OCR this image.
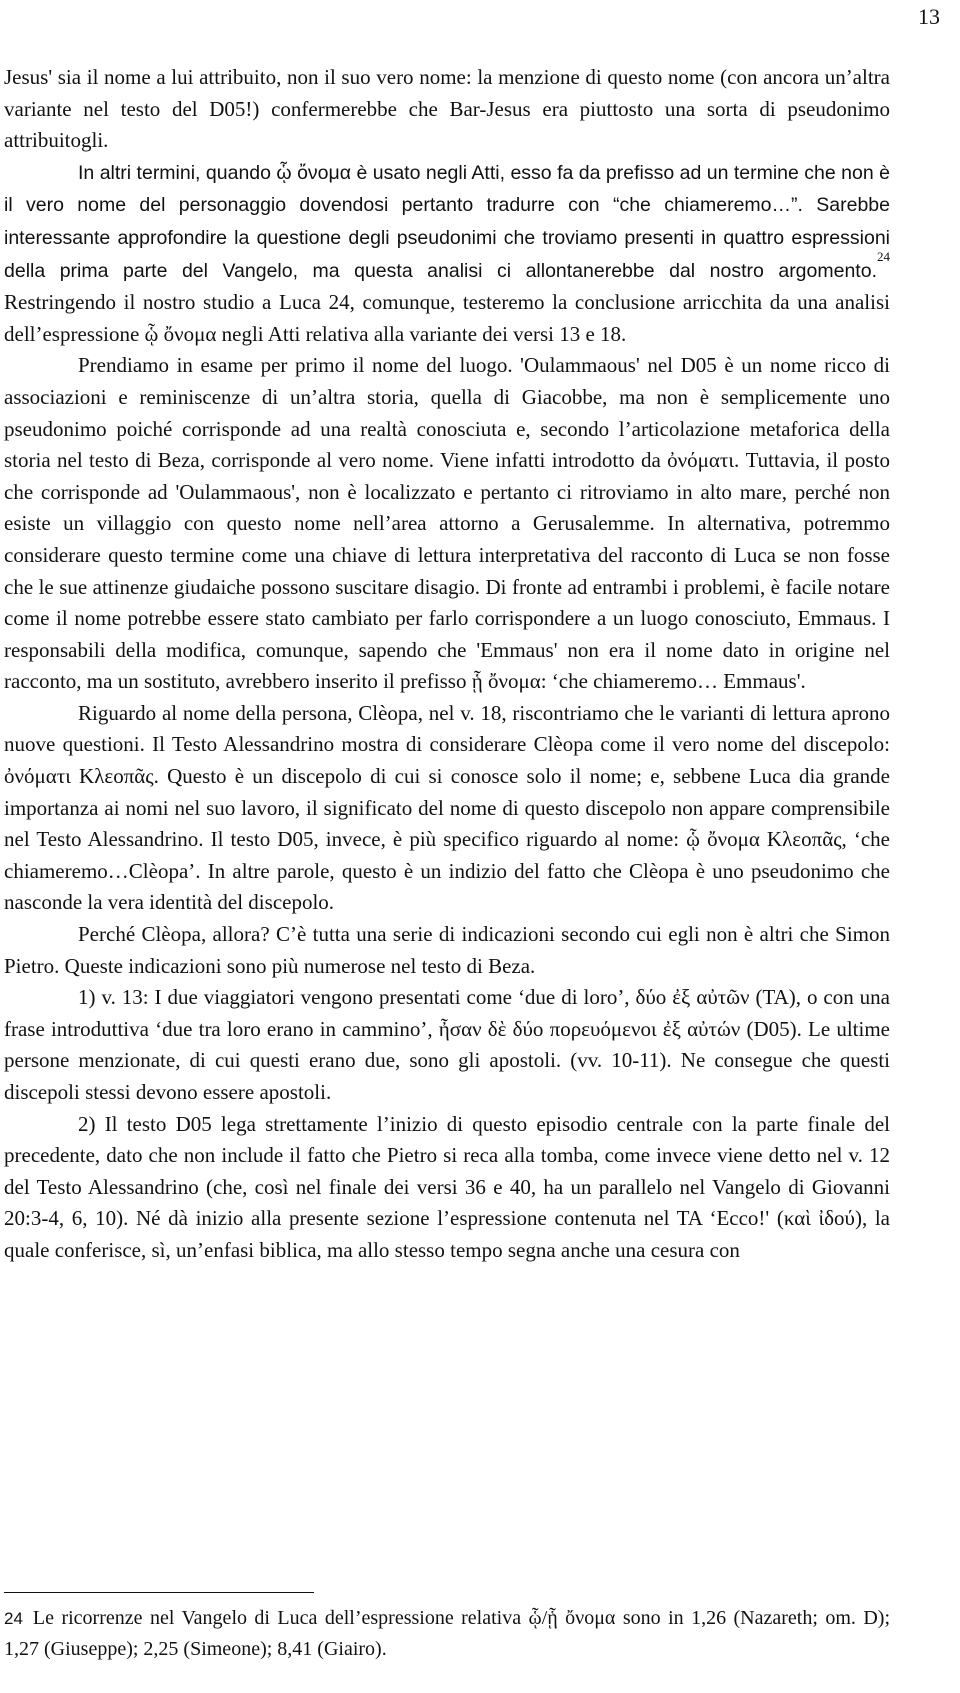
13

Jesus' sia il nome a lui attribuito, non il suo vero nome: la menzione di questo nome (con ancora un’altra variante nel testo del D05!) confermerebbe che Bar-Jesus era piuttosto una sorta di pseudonimo attribuitogli.

In altri termini, quando ᾧ ὄνομα è usato negli Atti, esso fa da prefisso ad un termine che non è il vero nome del personaggio dovendosi pertanto tradurre con “che chiameremo…”. Sarebbe interessante approfondire la questione degli pseudonimi che troviamo presenti in quattro espressioni della prima parte del Vangelo, ma questa analisi ci allontanerebbe dal nostro argomento.$^{24}$ Restringendo il nostro studio a Luca 24, comunque, testeremo la conclusione arricchita da una analisi dell’espressione ᾧ ὄνομα negli Atti relativa alla variante dei versi 13 e 18.

Prendiamo in esame per primo il nome del luogo. 'Oulammaous' nel D05 è un nome ricco di associazioni e reminiscenze di un’altra storia, quella di Giacobbe, ma non è semplicemente uno pseudonimo poiché corrisponde ad una realtà conosciuta e, secondo l’articolazione metaforica della storia nel testo di Beza, corrisponde al vero nome. Viene infatti introdotto da ὀνόματι. Tuttavia, il posto che corrisponde ad 'Oulammaous', non è localizzato e pertanto ci ritroviamo in alto mare, perché non esiste un villaggio con questo nome nell’area attorno a Gerusalemme. In alternativa, potremmo considerare questo termine come una chiave di lettura interpretativa del racconto di Luca se non fosse che le sue attinenze giudaiche possono suscitare disagio. Di fronte ad entrambi i problemi, è facile notare come il nome potrebbe essere stato cambiato per farlo corrispondere a un luogo conosciuto, Emmaus. I responsabili della modifica, comunque, sapendo che 'Emmaus' non era il nome dato in origine nel racconto, ma un sostituto, avrebbero inserito il prefisso ᾗ ὄνομα: ‘che chiameremo… Emmaus'.

Riguardo al nome della persona, Clèopa, nel v. 18, riscontriamo che le varianti di lettura aprono nuove questioni. Il Testo Alessandrino mostra di considerare Clèopa come il vero nome del discepolo: ὀνόματι Κλεοπᾶς. Questo è un discepolo di cui si conosce solo il nome; e, sebbene Luca dia grande importanza ai nomi nel suo lavoro, il significato del nome di questo discepolo non appare comprensibile nel Testo Alessandrino. Il testo D05, invece, è più specifico riguardo al nome: ᾧ ὄνομα Κλεοπᾶς, ‘che chiameremo…Clèopa’. In altre parole, questo è un indizio del fatto che Clèopa è uno pseudonimo che nasconde la vera identità del discepolo.

Perché Clèopa, allora? C’è tutta una serie di indicazioni secondo cui egli non è altri che Simon Pietro. Queste indicazioni sono più numerose nel testo di Beza.

1) v. 13: I due viaggiatori vengono presentati come ‘due di loro’, δύο ἐξ αὐτῶν (TA), o con una frase introduttiva ‘due tra loro erano in cammino’, ἦσαν δὲ δύο πορευόμενοι ἐξ αὐτών (D05). Le ultime persone menzionate, di cui questi erano due, sono gli apostoli. (vv. 10-11). Ne consegue che questi discepoli stessi devono essere apostoli.

2) Il testo D05 lega strettamente l’inizio di questo episodio centrale con la parte finale del precedente, dato che non include il fatto che Pietro si reca alla tomba, come invece viene detto nel v. 12 del Testo Alessandrino (che, così nel finale dei versi 36 e 40, ha un parallelo nel Vangelo di Giovanni 20:3-4, 6, 10). Né dà inizio alla presente sezione l’espressione contenuta nel TA ‘Ecco!' (καὶ ἰδού), la quale conferisce, sì, un’enfasi biblica, ma allo stesso tempo segna anche una cesura con

24 Le ricorrenze nel Vangelo di Luca dell’espressione relativa ᾧ/ᾗ ὄνομα sono in 1,26 (Nazareth; om. D); 1,27 (Giuseppe); 2,25 (Simeone); 8,41 (Giairo).
